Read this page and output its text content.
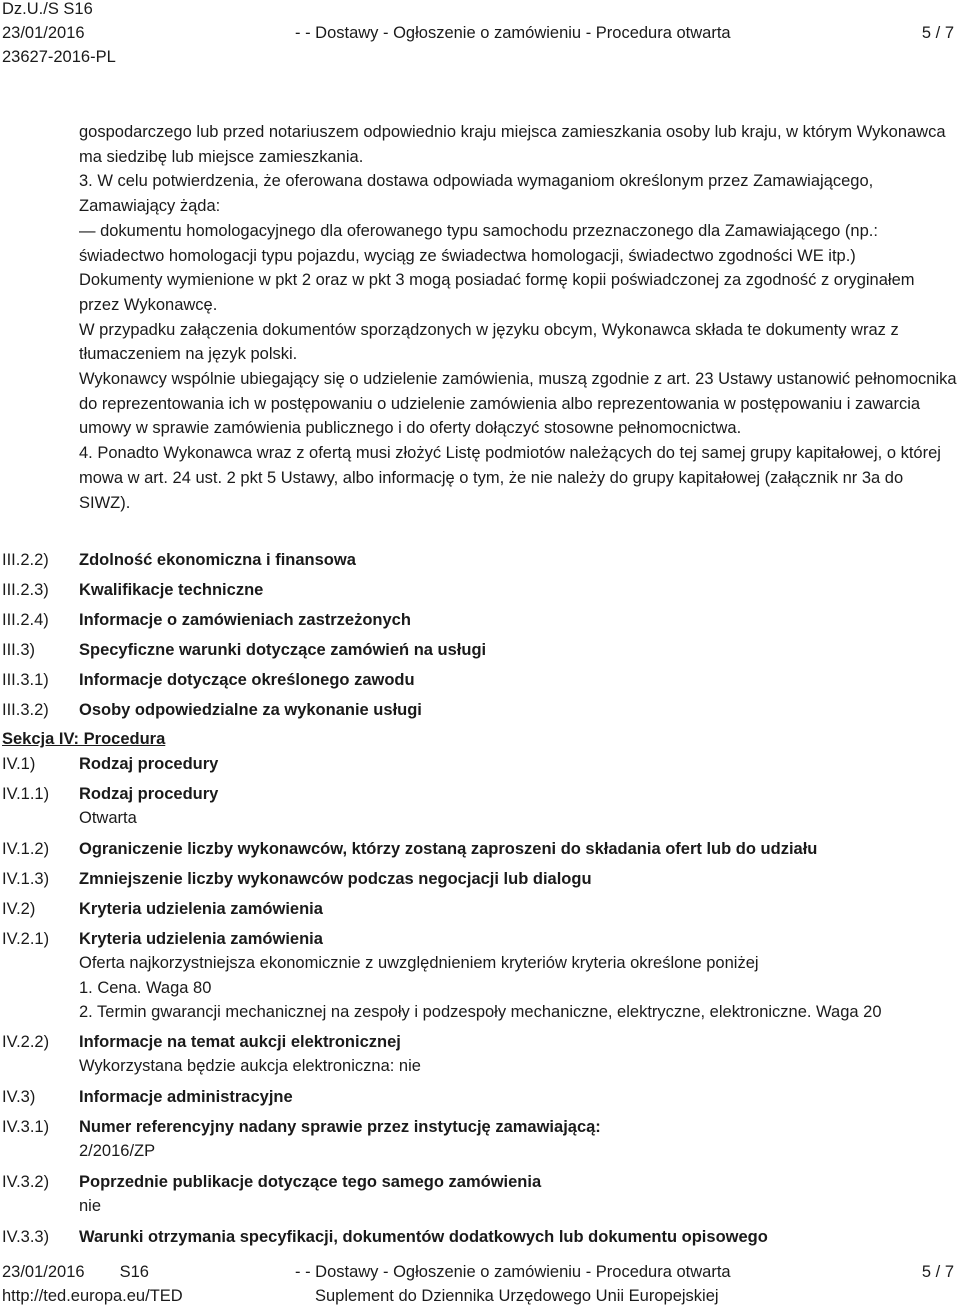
Dz.U./S S16
23/01/2016
23627-2016-PL
- - Dostawy - Ogłoszenie o zamówieniu - Procedura otwarta	5 / 7

gospodarczego lub przed notariuszem odpowiednio kraju miejsca zamieszkania osoby lub kraju, w którym Wykonawca ma siedzibę lub miejsce zamieszkania.

3. W celu potwierdzenia, że oferowana dostawa odpowiada wymaganiom określonym przez Zamawiającego, Zamawiający żąda:

— dokumentu homologacyjnego dla oferowanego typu samochodu przeznaczonego dla Zamawiającego (np.: świadectwo homologacji typu pojazdu, wyciąg ze świadectwa homologacji, świadectwo zgodności WE itp.)

Dokumenty wymienione w pkt 2 oraz w pkt 3 mogą posiadać formę kopii poświadczonej za zgodność z oryginałem przez Wykonawcę.

W przypadku załączenia dokumentów sporządzonych w języku obcym, Wykonawca składa te dokumenty wraz z tłumaczeniem na język polski.

Wykonawcy wspólnie ubiegający się o udzielenie zamówienia, muszą zgodnie z art. 23 Ustawy ustanowić pełnomocnika do reprezentowania ich w postępowaniu o udzielenie zamówienia albo reprezentowania w postępowaniu i zawarcia umowy w sprawie zamówienia publicznego i do oferty dołączyć stosowne pełnomocnictwa.

4. Ponadto Wykonawca wraz z ofertą musi złożyć Listę podmiotów należących do tej samej grupy kapitałowej, o której mowa w art. 24 ust. 2 pkt 5 Ustawy, albo informację o tym, że nie należy do grupy kapitałowej (załącznik nr 3a do SIWZ).

III.2.2) Zdolność ekonomiczna i finansowa
III.2.3) Kwalifikacje techniczne
III.2.4) Informacje o zamówieniach zastrzeżonych
III.3)	Specyficzne warunki dotyczące zamówień na usługi
III.3.1) Informacje dotyczące określonego zawodu
III.3.2) Osoby odpowiedzialne za wykonanie usługi
Sekcja IV: Procedura
IV.1)	Rodzaj procedury
IV.1.1) Rodzaj procedury

Otwarta

IV.1.2) Ograniczenie liczby wykonawców, którzy zostaną zaproszeni do składania ofert lub do udziału
IV.1.3) Zmniejszenie liczby wykonawców podczas negocjacji lub dialogu
IV.2)	Kryteria udzielenia zamówienia
IV.2.1) Kryteria udzielenia zamówienia

Oferta najkorzystniejsza ekonomicznie z uwzględnieniem kryteriów kryteria określone poniżej

1. Cena. Waga 80

2. Termin gwarancji mechanicznej na zespoły i podzespoły mechaniczne, elektryczne, elektroniczne. Waga 20

IV.2.2) Informacje na temat aukcji elektronicznej

Wykorzystana będzie aukcja elektroniczna: nie

IV.3)	Informacje administracyjne
IV.3.1) Numer referencyjny nadany sprawie przez instytucję zamawiającą:

2/2016/ZP

IV.3.2) Poprzednie publikacje dotyczące tego samego zamówienia

nie

IV.3.3) Warunki otrzymania specyfikacji, dokumentów dodatkowych lub dokumentu opisowego
23/01/2016 S16
http://ted.europa.eu/TED
- - Dostawy - Ogłoszenie o zamówieniu - Procedura otwarta
Suplement do Dziennika Urzędowego Unii Europejskiej
5 / 7
